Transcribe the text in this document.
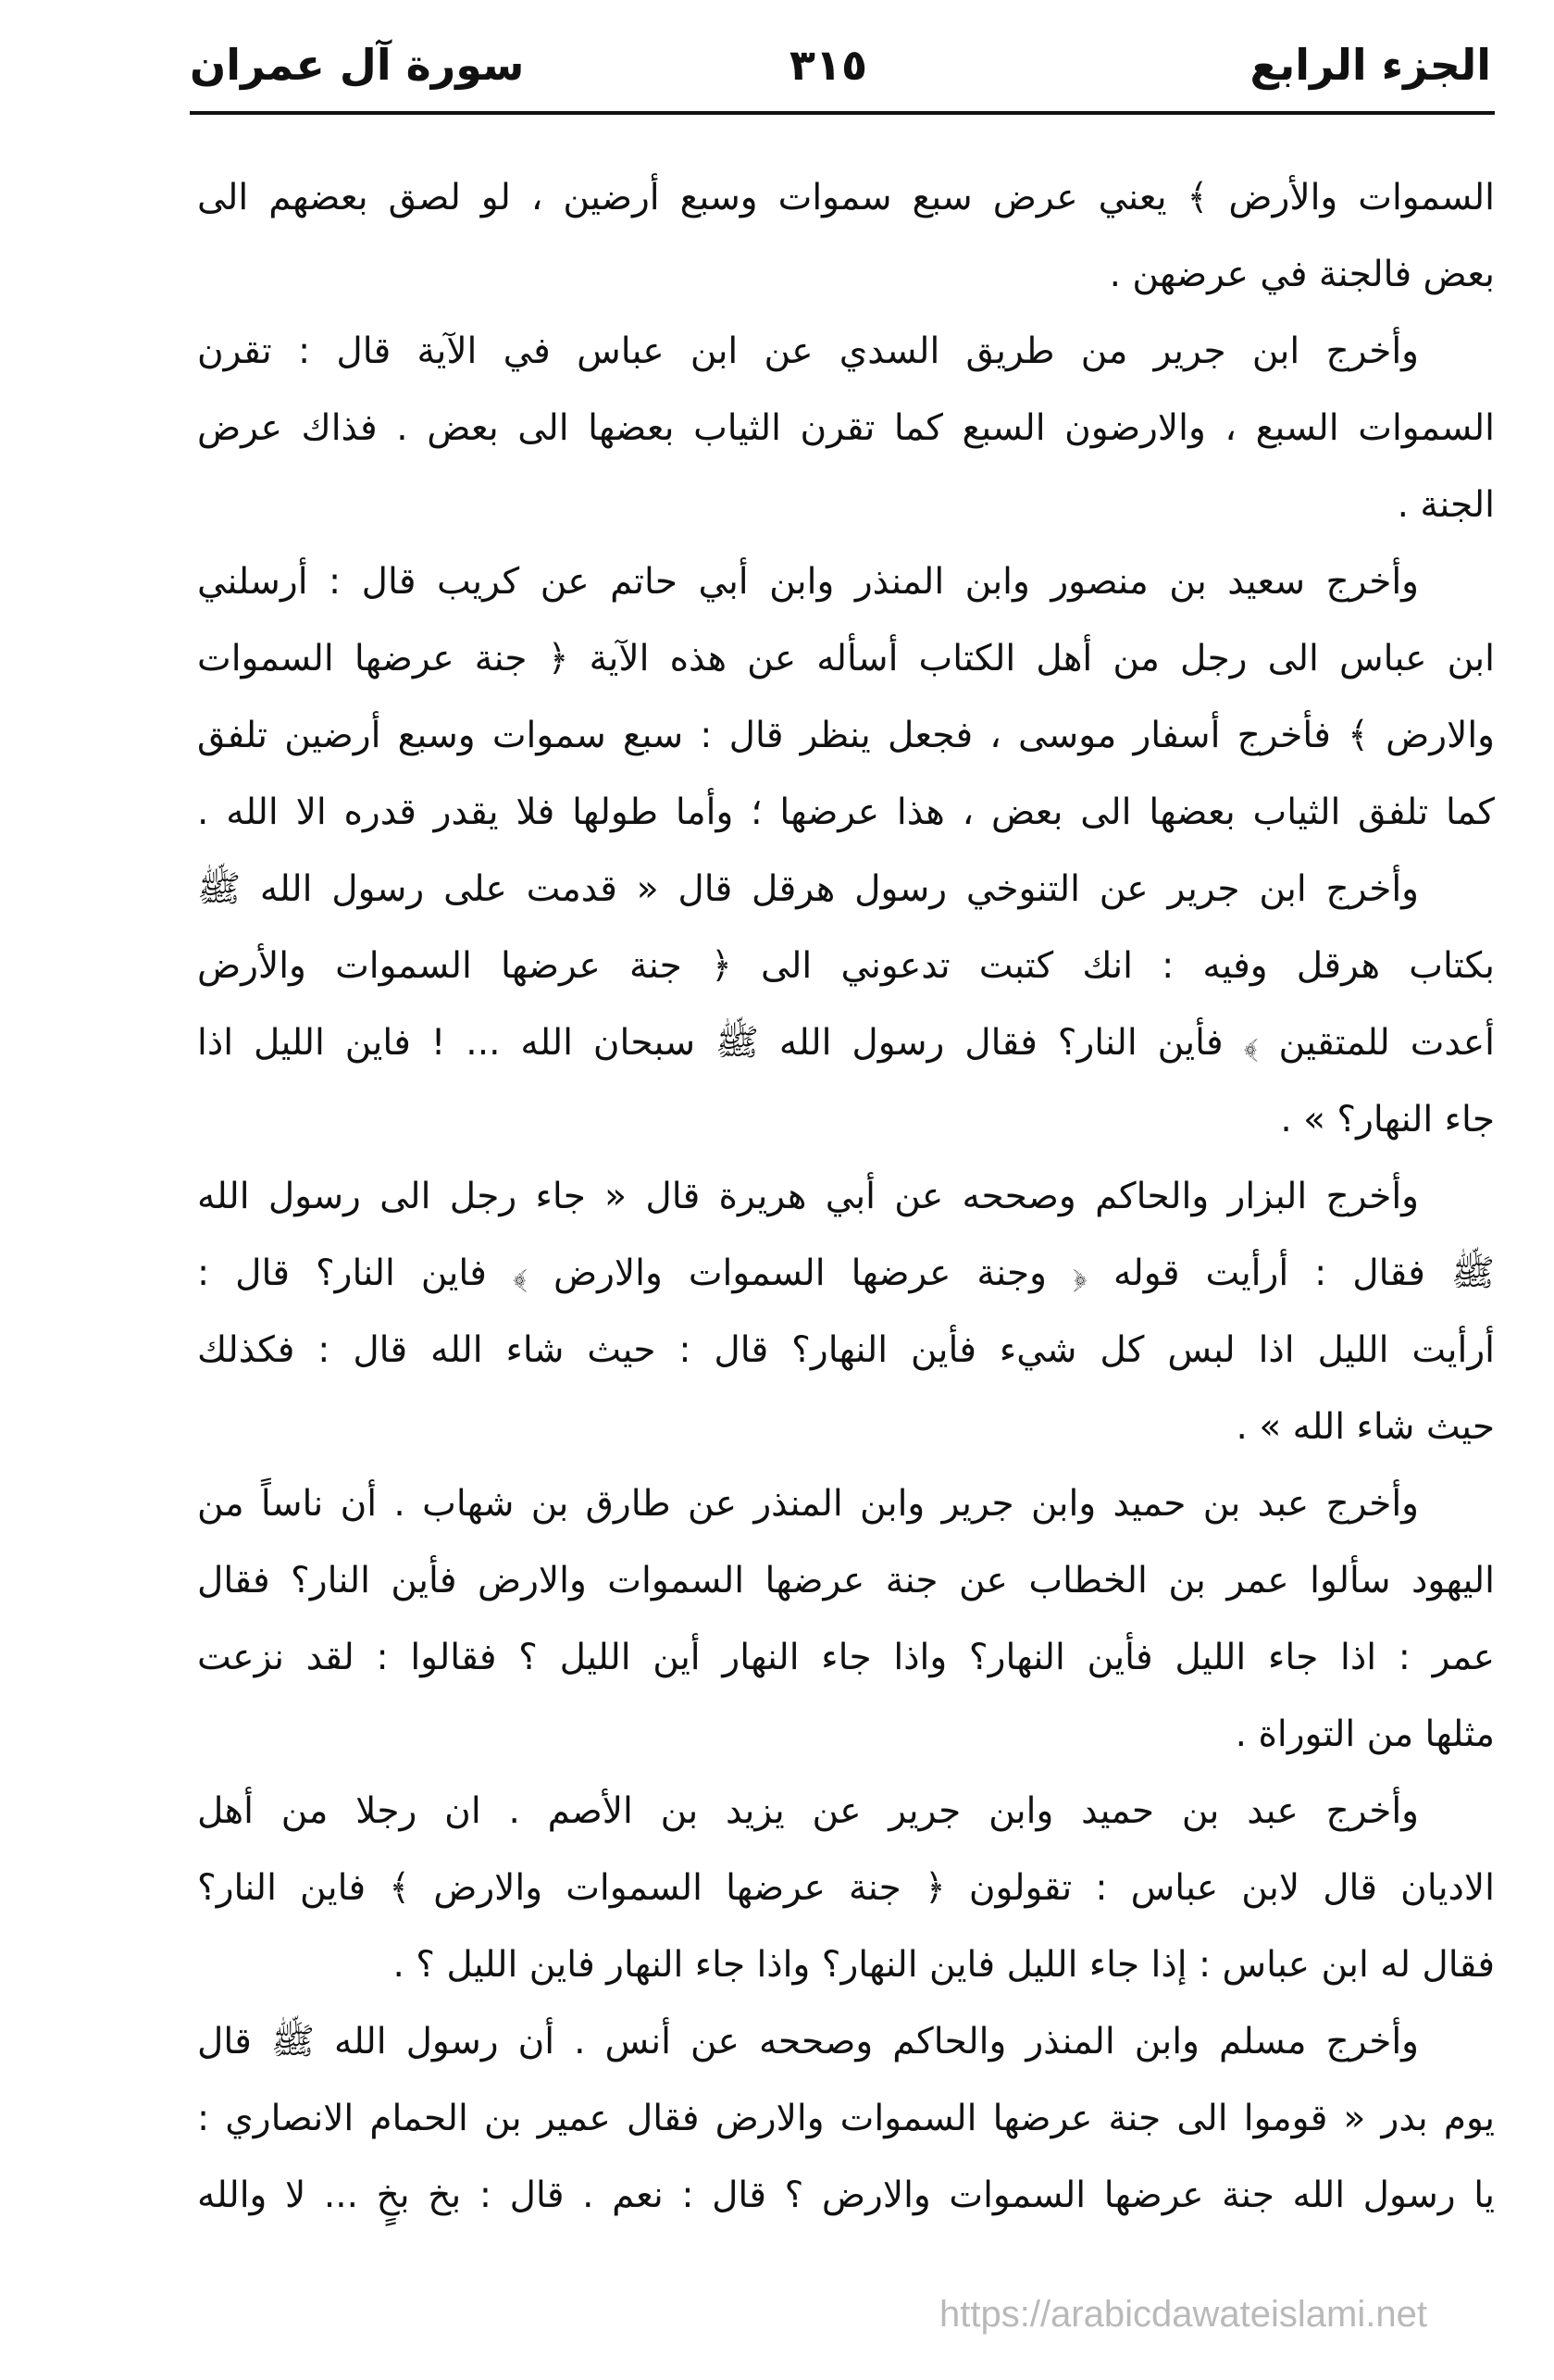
الجزء الرابع
٣١٥
سورة آل عمران
السموات والأرض ﴾ يعني عرض سبع سموات وسبع أرضين ، لو لصق بعضهم الى
بعض فالجنة في عرضهن .
وأخرج ابن جرير من طريق السدي عن ابن عباس في الآية قال : تقرن
السموات السبع ، والارضون السبع كما تقرن الثياب بعضها الى بعض . فذاك عرض
الجنة .
وأخرج سعيد بن منصور وابن المنذر وابن أبي حاتم عن كريب قال : أرسلني
ابن عباس الى رجل من أهل الكتاب أسأله عن هذه الآية ﴿ جنة عرضها السموات
والارض ﴾ فأخرج أسفار موسى ، فجعل ينظر قال : سبع سموات وسبع أرضين تلفق
كما تلفق الثياب بعضها الى بعض ، هذا عرضها ؛ وأما طولها فلا يقدر قدره الا الله .
وأخرج ابن جرير عن التنوخي رسول هرقل قال « قدمت على رسول الله ﷺ
بكتاب هرقل وفيه : انك كتبت تدعوني الى ﴿ جنة عرضها السموات والأرض
أعدت للمتقين ﴾ فأين النار؟ فقال رسول الله ﷺ سبحان الله ... ! فاين الليل اذا
جاء النهار؟ » .
وأخرج البزار والحاكم وصححه عن أبي هريرة قال « جاء رجل الى رسول الله
ﷺ فقال : أرأيت قوله ﴿ وجنة عرضها السموات والارض ﴾ فاين النار؟ قال :
أرأيت الليل اذا لبس كل شيء فأين النهار؟ قال : حيث شاء الله قال : فكذلك
حيث شاء الله » .
وأخرج عبد بن حميد وابن جرير وابن المنذر عن طارق بن شهاب . أن ناساً من
اليهود سألوا عمر بن الخطاب عن جنة عرضها السموات والارض فأين النار؟ فقال
عمر : اذا جاء الليل فأين النهار؟ واذا جاء النهار أين الليل ؟ فقالوا : لقد نزعت
مثلها من التوراة .
وأخرج عبد بن حميد وابن جرير عن يزيد بن الأصم . ان رجلا من أهل
الاديان قال لابن عباس : تقولون ﴿ جنة عرضها السموات والارض ﴾ فاين النار؟
فقال له ابن عباس : إذا جاء الليل فاين النهار؟ واذا جاء النهار فاين الليل ؟ .
وأخرج مسلم وابن المنذر والحاكم وصححه عن أنس . أن رسول الله ﷺ قال
يوم بدر « قوموا الى جنة عرضها السموات والارض فقال عمير بن الحمام الانصاري :
يا رسول الله جنة عرضها السموات والارض ؟ قال : نعم . قال : بخ بخٍ ... لا والله
https://arabicdawateislami.net
